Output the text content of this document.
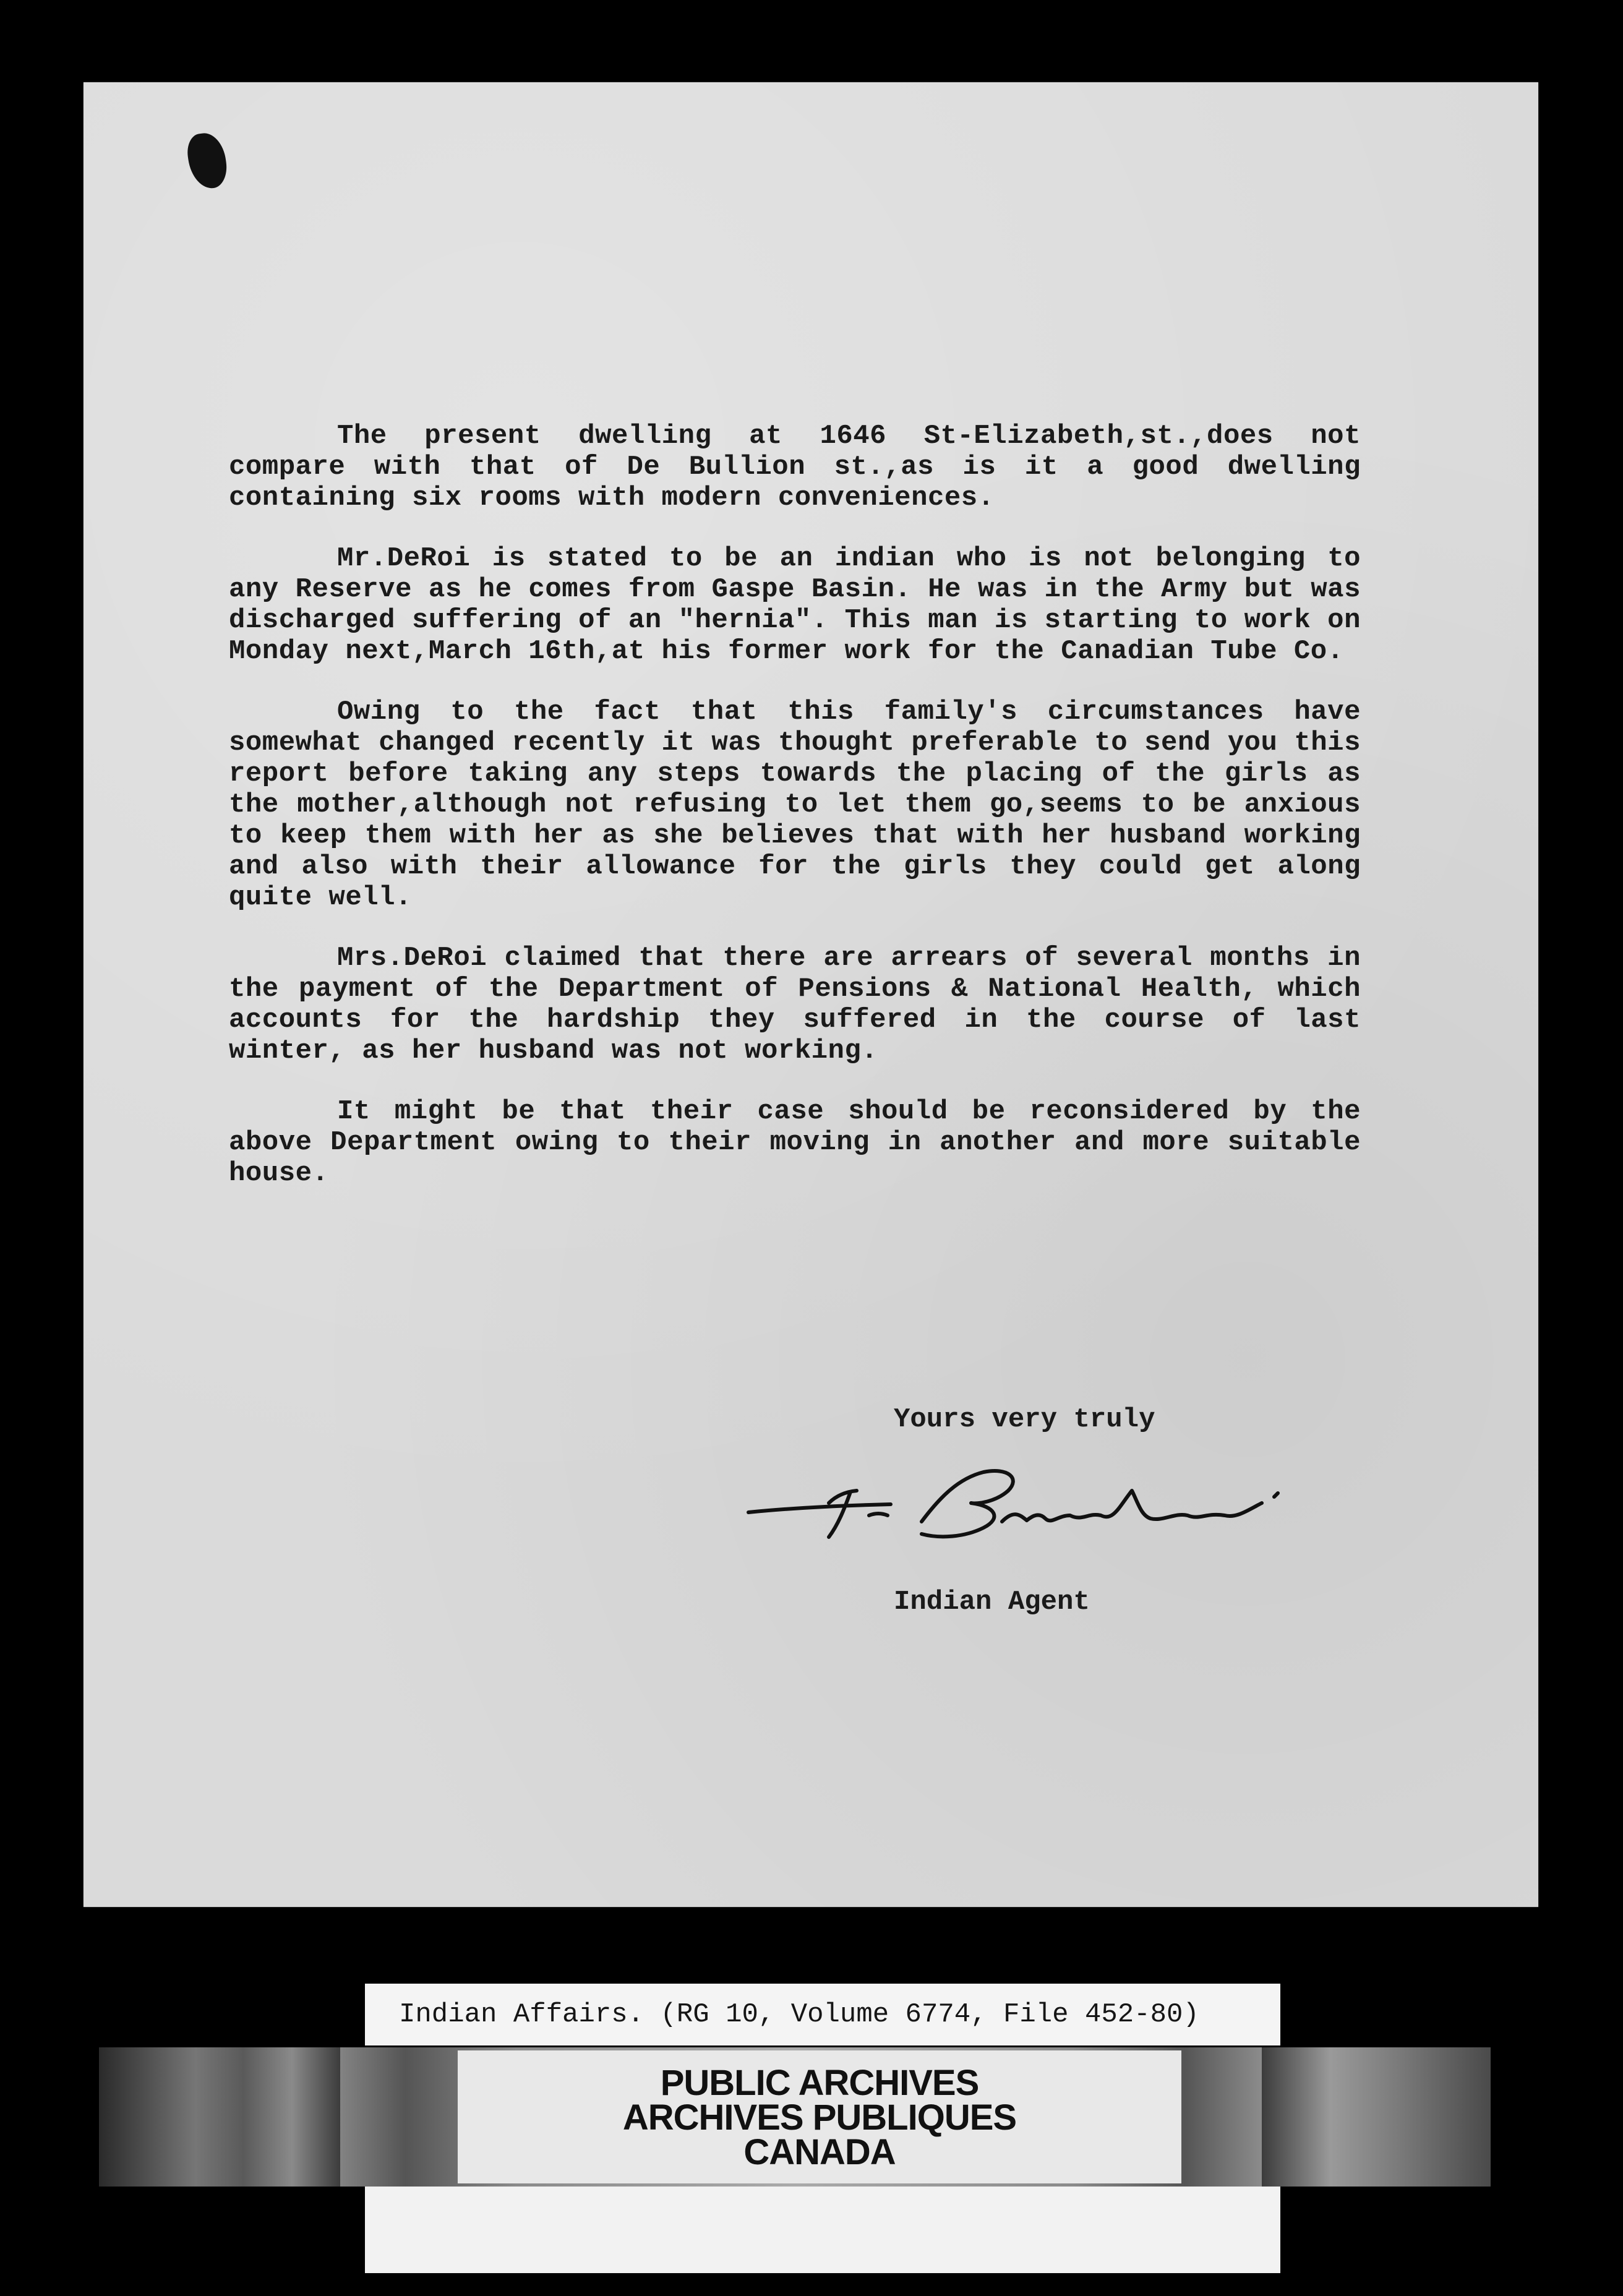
The present dwelling at 1646 St-Elizabeth,st.,does not compare with that of De Bullion st.,as is it a good dwelling containing six rooms with modern conveniences.

Mr.DeRoi is stated to be an indian who is not belonging to any Reserve as he comes from Gaspe Basin. He was in the Army but was discharged suffering of an "hernia". This man is starting to work on Monday next,March 16th,at his former work for the Canadian Tube Co.

Owing to the fact that this family's circumstances have somewhat changed recently it was thought preferable to send you this report before taking any steps towards the placing of the girls as the mother,although not refusing to let them go,seems to be anxious to keep them with her as she believes that with her husband working and also with their allowance for the girls they could get along quite well.

Mrs.DeRoi claimed that there are arrears of several months in the payment of the Department of Pensions & National Health, which accounts for the hardship they suffered in the course of last winter, as her husband was not working.

It might be that their case should be reconsidered by the above Department owing to their moving in another and more suitable house.

Yours very truly
Indian Agent
Indian Affairs. (RG 10, Volume 6774, File 452-80)
PUBLIC ARCHIVES
ARCHIVES PUBLIQUES
CANADA
